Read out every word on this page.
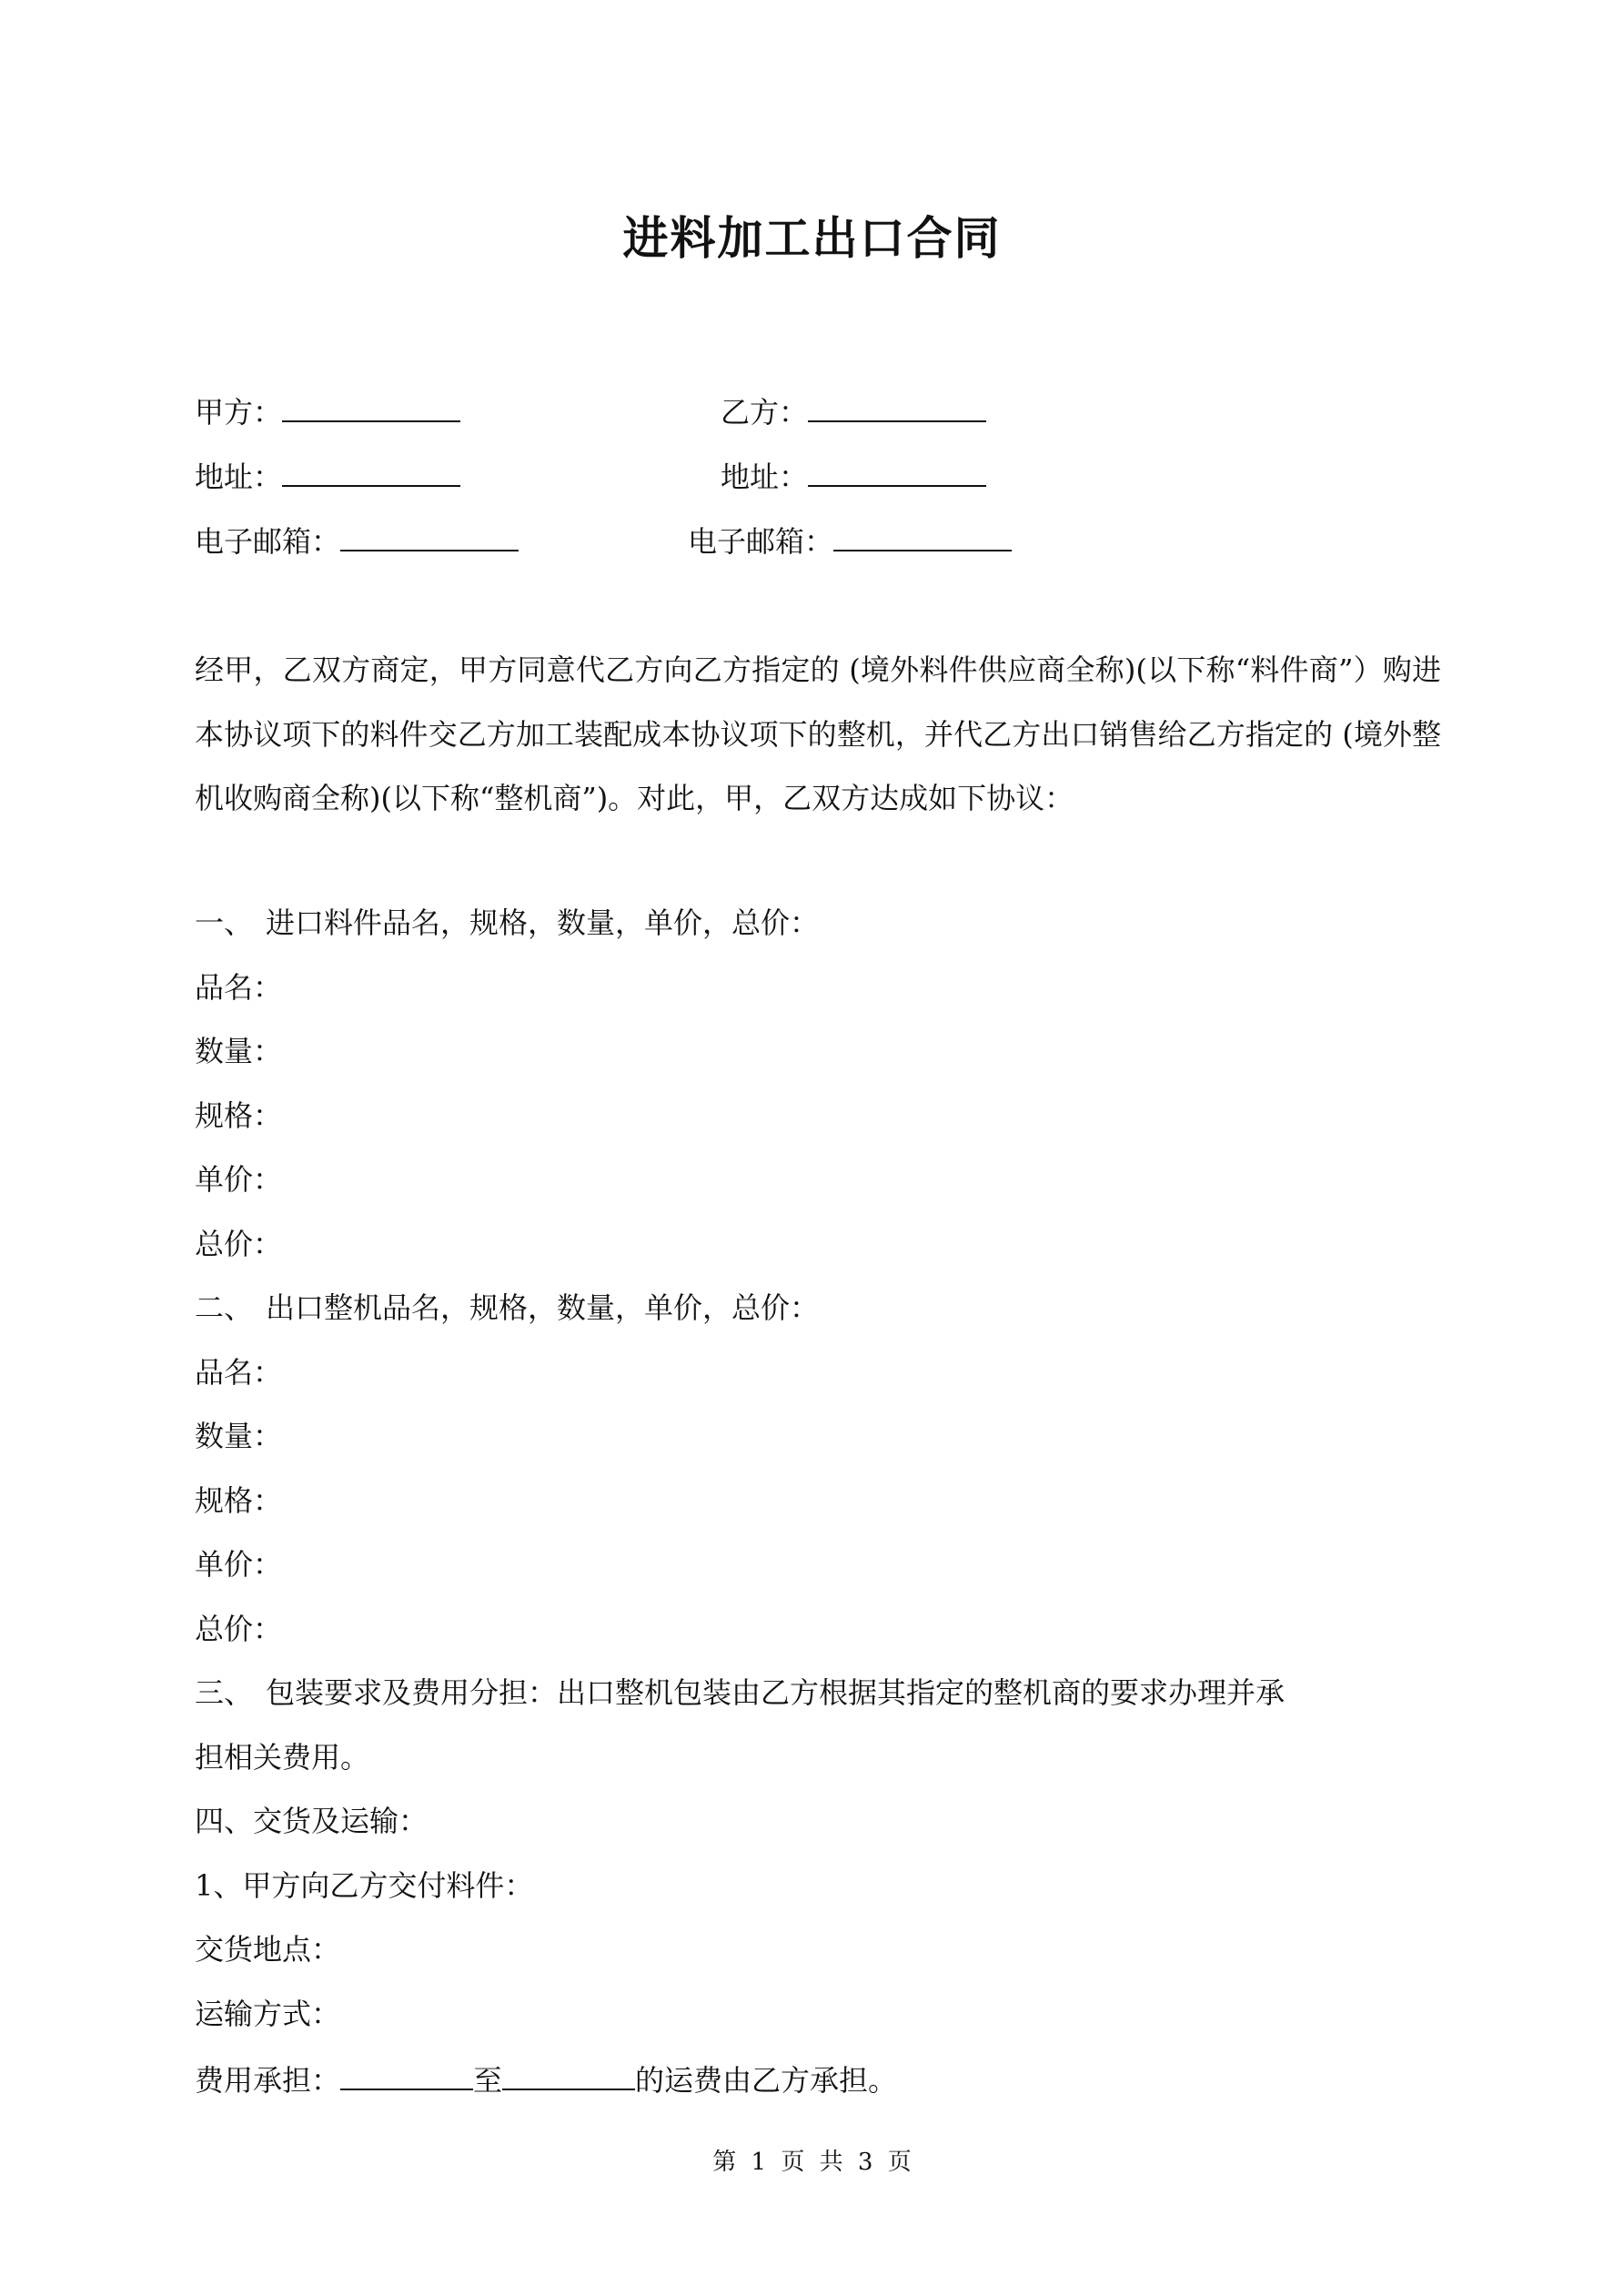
进料加工出口合同
甲方：	乙方：
地址：	地址：
电子邮箱：	电子邮箱：
经甲，乙双方商定，甲方同意代乙方向乙方指定的 (境外料件供应商全称)(以下称“料件商”）购进本协议项下的料件交乙方加工装配成本协议项下的整机，并代乙方出口销售给乙方指定的 (境外整机收购商全称)(以下称“整机商”)。对此，甲，乙双方达成如下协议：
一、 进口料件品名，规格，数量，单价，总价：
品名：
数量：
规格：
单价：
总价：
二、 出口整机品名，规格，数量，单价，总价：
品名：
数量：
规格：
单价：
总价：
三、 包装要求及费用分担：出口整机包装由乙方根据其指定的整机商的要求办理并承
担相关费用。
四、交货及运输：
1、甲方向乙方交付料件：
交货地点：
运输方式：
费用承担：	至	的运费由乙方承担。
第 1 页 共 3 页
